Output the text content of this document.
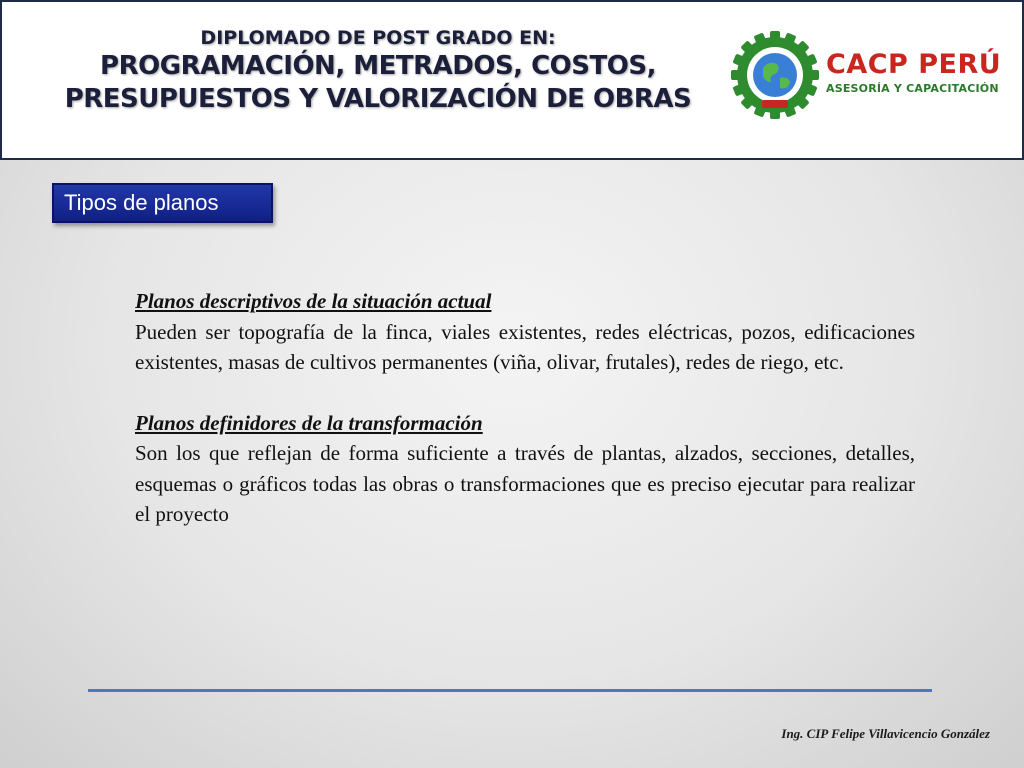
DIPLOMADO DE POST GRADO EN:
PROGRAMACIÓN, METRADOS, COSTOS,
PRESUPUESTOS Y VALORIZACIÓN DE OBRAS
CACP PERÚ
ASESORÍA Y CAPACITACIÓN
Tipos de planos
Planos descriptivos de la situación actual

Pueden ser topografía de la finca, viales existentes, redes eléctricas, pozos, edificaciones existentes, masas de cultivos permanentes (viña, olivar, frutales), redes de riego, etc.

Planos definidores de la transformación

Son los que reflejan de forma suficiente a través de plantas, alzados, secciones, detalles, esquemas o gráficos todas las obras o transformaciones que es preciso ejecutar para realizar el proyecto

Ing. CIP Felipe Villavicencio González
